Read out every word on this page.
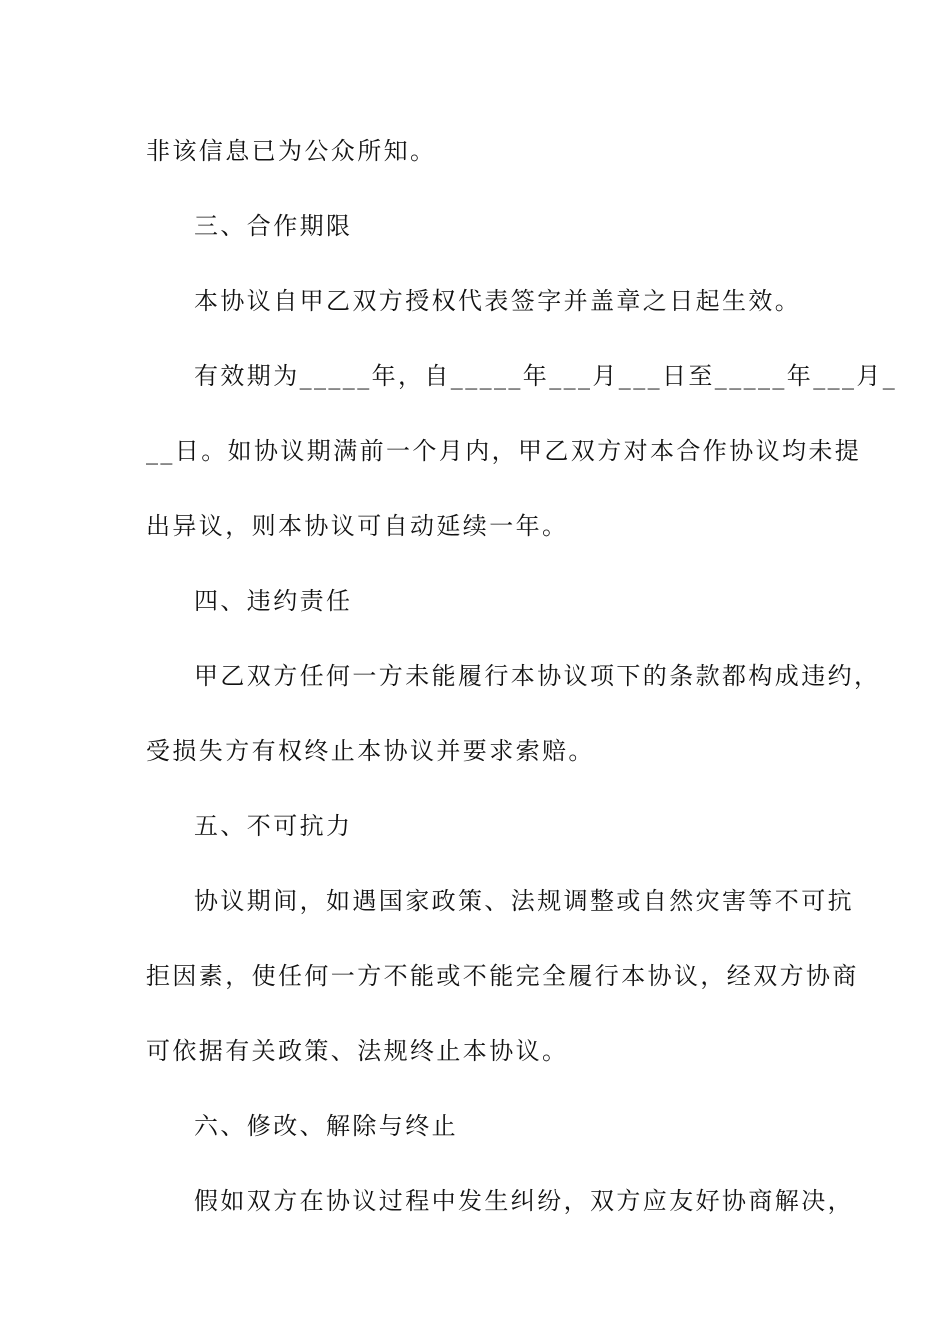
非该信息已为公众所知。
三、合作期限
本协议自甲乙双方授权代表签字并盖章之日起生效。
有效期为_____年，自_____年___月___日至_____年___月_
__日。如协议期满前一个月内，甲乙双方对本合作协议均未提
出异议，则本协议可自动延续一年。
四、违约责任
甲乙双方任何一方未能履行本协议项下的条款都构成违约，
受损失方有权终止本协议并要求索赔。
五、不可抗力
协议期间，如遇国家政策、法规调整或自然灾害等不可抗
拒因素，使任何一方不能或不能完全履行本协议，经双方协商
可依据有关政策、法规终止本协议。
六、修改、解除与终止
假如双方在协议过程中发生纠纷，双方应友好协商解决，
